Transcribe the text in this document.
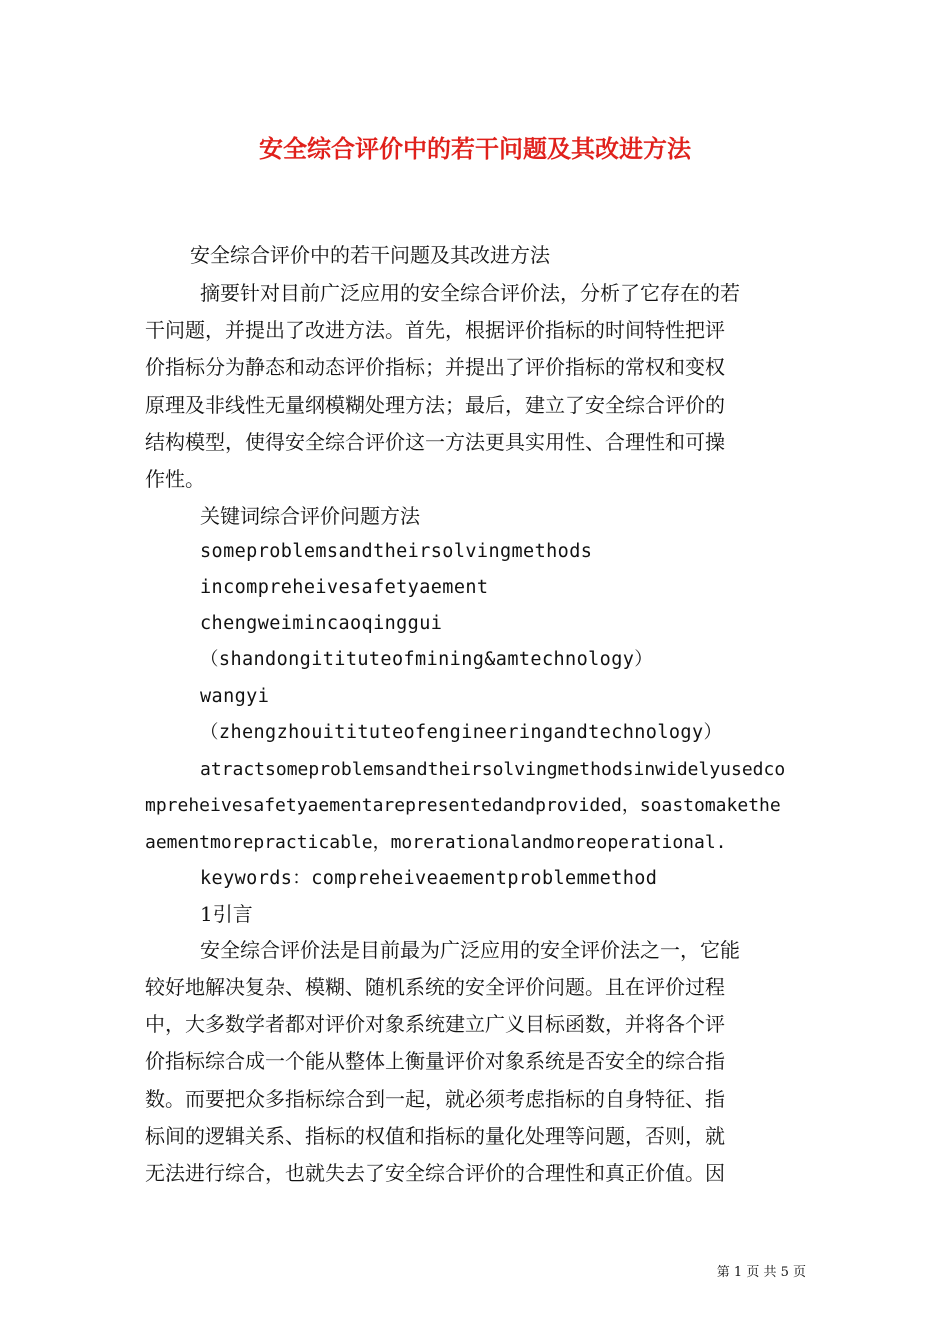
安全综合评价中的若干问题及其改进方法
安全综合评价中的若干问题及其改进方法
摘要针对目前广泛应用的安全综合评价法，分析了它存在的若
干问题，并提出了改进方法。首先，根据评价指标的时间特性把评
价指标分为静态和动态评价指标；并提出了评价指标的常权和变权
原理及非线性无量纲模糊处理方法；最后，建立了安全综合评价的
结构模型，使得安全综合评价这一方法更具实用性、合理性和可操
作性。
关键词综合评价问题方法
someproblemsandtheirsolvingmethods
incompreheivesafetyaement
chengweimincaoqinggui
（shandongitituteofmining&amtechnology）
wangyi
（zhengzhouitituteofengineeringandtechnology）
atractsomeproblemsandtheirsolvingmethodsinwidelyusedco
mpreheivesafetyaementarepresentedandprovided，soastomakethe
aementmorepracticable，morerationalandmoreoperational.
keywords：compreheiveaementproblemmethod
1引言
安全综合评价法是目前最为广泛应用的安全评价法之一，它能
较好地解决复杂、模糊、随机系统的安全评价问题。且在评价过程
中，大多数学者都对评价对象系统建立广义目标函数，并将各个评
价指标综合成一个能从整体上衡量评价对象系统是否安全的综合指
数。而要把众多指标综合到一起，就必须考虑指标的自身特征、指
标间的逻辑关系、指标的权值和指标的量化处理等问题，否则，就
无法进行综合，也就失去了安全综合评价的合理性和真正价值。因
第 1 页 共 5 页
